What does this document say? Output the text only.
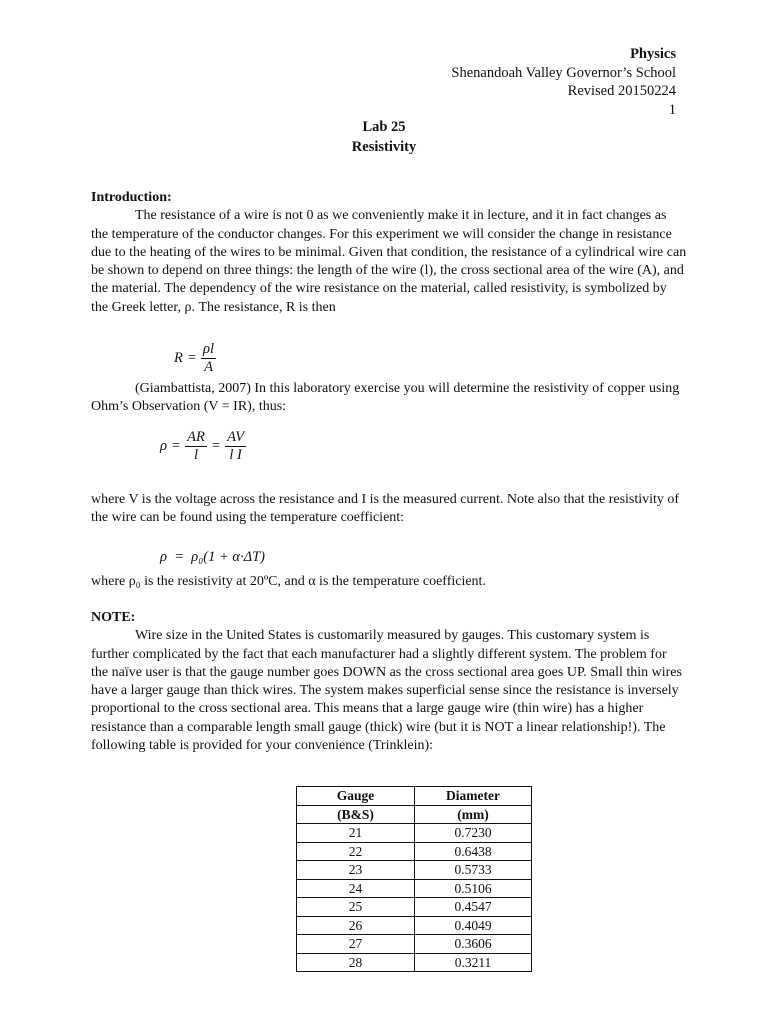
Physics
Shenandoah Valley Governor’s School
Revised 20150224
1
Lab 25
Resistivity
Introduction:
The resistance of a wire is not 0 as we conveniently make it in lecture, and it in fact changes as the temperature of the conductor changes. For this experiment we will consider the change in resistance due to the heating of the wires to be minimal. Given that condition, the resistance of a cylindrical wire can be shown to depend on three things: the length of the wire (l), the cross sectional area of the wire (A), and the material. The dependency of the wire resistance on the material, called resistivity, is symbolized by the Greek letter, ρ. The resistance, R is then
$R = \frac{\rho l}{A}$
(Giambattista, 2007) In this laboratory exercise you will determine the resistivity of copper using Ohm’s Observation (V = IR), thus:
$\rho = \frac{AR}{l} = \frac{AV}{\text{l I}}$
where V is the voltage across the resistance and I is the measured current. Note also that the resistivity of the wire can be found using the temperature coefficient:
ρ  =  ρ₀(1 + α·ΔT)
where ρ₀ is the resistivity at 20ºC, and α is the temperature coefficient.
NOTE:
Wire size in the United States is customarily measured by gauges. This customary system is further complicated by the fact that each manufacturer had a slightly different system. The problem for the naïve user is that the gauge number goes DOWN as the cross sectional area goes UP. Small thin wires have a larger gauge than thick wires. The system makes superficial sense since the resistance is inversely proportional to the cross sectional area. This means that a large gauge wire (thin wire) has a higher resistance than a comparable length small gauge (thick) wire (but it is NOT a linear relationship!). The following table is provided for your convenience (Trinklein):
Gauge	Diameter
(B&S)	(mm)
21	0.7230
22	0.6438
23	0.5733
24	0.5106
25	0.4547
26	0.4049
27	0.3606
28	0.3211
